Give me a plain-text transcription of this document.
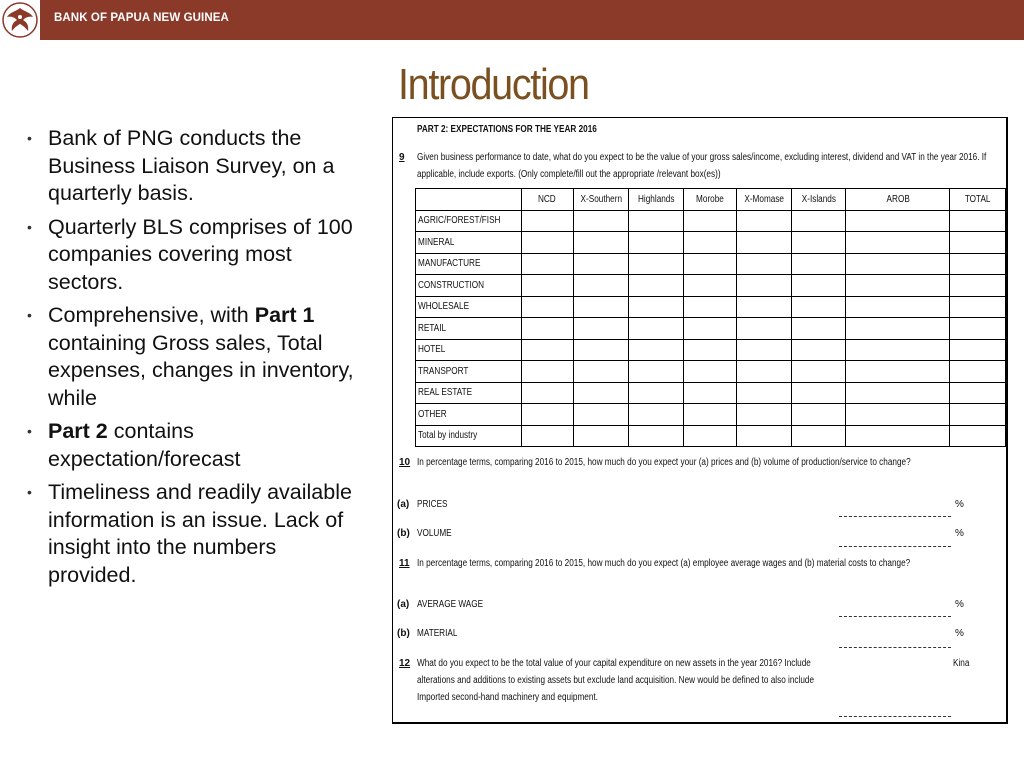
BANK OF PAPUA NEW GUINEA
Introduction
• Bank of PNG conducts the Business Liaison Survey, on a quarterly basis.
• Quarterly BLS comprises of 100 companies covering most sectors.
• Comprehensive, with Part 1 containing Gross sales, Total expenses, changes in inventory, while
• Part 2 contains expectation/forecast
• Timeliness and readily available information is an issue. Lack of insight into the numbers provided.
PART 2: EXPECTATIONS FOR THE YEAR 2016
9 Given business performance to date, what do you expect to be the value of your gross sales/income, excluding interest, dividend and VAT in the year 2016. If
applicable, include exports. (Only complete/fill out the appropriate /relevant box(es))
	NCD	X-Southern	Highlands	Morobe	X-Momase	X-Islands	AROB	TOTAL
AGRIC/FOREST/FISH								
MINERAL								
MANUFACTURE								
CONSTRUCTION								
WHOLESALE								
RETAIL								
HOTEL								
TRANSPORT								
REAL ESTATE								
OTHER								
Total by industry								
10 In percentage terms, comparing 2016 to 2015, how much do you expect your (a) prices and (b) volume of production/service to change?
(a) PRICES	%
(b) VOLUME	%
11 In percentage terms, comparing 2016 to 2015, how much do you expect (a) employee average wages and (b) material costs to change?
(a) AVERAGE WAGE	%
(b) MATERIAL	%
12 What do you expect to be the total value of your capital expenditure on new assets in the year 2016? Include
alterations and additions to existing assets but exclude land acquisition. New would be defined to also include
Imported second-hand machinery and equipment.
Kina
